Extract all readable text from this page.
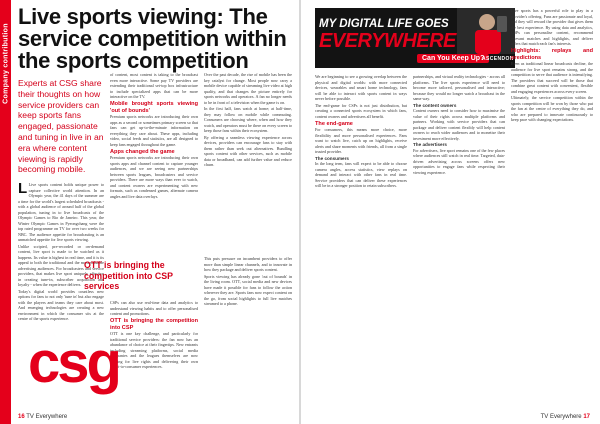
Company contribution
Live sports viewing: The service competition within the sports competition

Experts at CSG share their thoughts on how service providers can keep sports fans engaged, passionate and tuning in live in an era where content viewing is rapidly becoming mobile.

L Live sports content holds unique power to capture collective world attention. In an Olympic year, the 41 days of the summer are a time for the world's largest scheduled broadcasts - with a global audience of around half of the global population, tuning in to live broadcasts of the Olympic Games to Rio de Janeiro. This year, the Winter Olympic Games in Pyeongchang were the top rated programme on TV for over two weeks for NBC. The audience appetite for broadcasting is an unmatched appetite for live sports viewing.

Unlike scripted, pre-recorded or on-demand content, live sport is made to be watched as it happens. Its value is highest in real time, and it is its appeal to both the traditional and the most valuable advertising audiences. For broadcasters and service providers, that makes live sport uniquely effective in creating tune-in, subscriber acquisition and loyalty - when the experience delivers.

Today's digital world provides countless new options for fans to not only 'tune in' but also engage with the players and teams they care about most. And emerging technologies are creating a new environment in which the consumer sits at the centre of the sports experience.

of content, most content is taking to the broadcast even more interactive. Some pay TV providers are extending their traditional set-top box infrastructure to include specialized apps that can be more interactive on the TV.

Mobile brought sports viewing 'out of bounds'

Premium sports networks are introducing their own apps as a second or sometimes primary screen so that fans can get up-to-the-minute information on everything they care about. These apps, including video, social feeds and statistics, are all designed to keep fans engaged throughout the game.

Apps changed the game

Premium sports networks are introducing their own sports apps and channel content to capture younger audiences, and we are seeing new partnerships between sports leagues, broadcasters and service providers. There are more ways than ever to watch, and content owners are experimenting with new formats, such as condensed games, alternate camera angles and live data overlays.

Over the past decade, the rise of mobile has been the key catalyst for change. Most people now carry a mobile device capable of streaming live video at high quality, and that changes the picture entirely for sports networks and operators. A fan no longer needs to be in front of a television when the game is on.

In the first half, fans watch at home; at half-time, they may follow on mobile while commuting. Consumers are choosing where, when and how they watch, and operators must be there on every screen to keep those fans within their ecosystem.

By offering a seamless viewing experience across devices, providers can encourage fans to stay with them rather than seek out alternatives. Bundling sports content with other services, such as mobile data or broadband, can add further value and reduce churn.

OTT is bringing the competition into CSP services

CSPs can also use real-time data and analytics to understand viewing habits and to offer personalised content and promotions.

OTT is bringing the competition into CSP

OTT is one key challenge, and particularly for traditional service providers: the fan now has an abundance of choice at their fingertips. New entrants including streaming platforms, social media companies and the leagues themselves are now bidding for live rights and delivering their own direct-to-consumer experiences.

This puts pressure on incumbent providers to offer more than simple linear channels, and to innovate in how they package and deliver sports content.

Sports viewing has already gone 'out of bounds' in the living room. OTT, social media and new devices have made it possible for fans to follow the action wherever they are. Sports fans now expect content on the go, from social highlights to full live matches streamed to a phone.

csg
16 TV Everywhere
MY DIGITAL LIFE GOES
EVERYWHERE
Can You Keep Up?
ASCENDON

We are beginning to see a growing overlap between the physical and digital worlds: with more connected devices, wearables and smart home technology, fans will be able to interact with sports content in ways never before possible.

The end-game for CSPs is not just distribution, but creating a connected sports ecosystem in which fans, content owners and advertisers all benefit.

The end-game

For consumers, this means more choice, more flexibility and more personalised experiences. Fans want to watch live, catch up on highlights, receive alerts and share moments with friends, all from a single trusted provider.

The consumers

In the long term, fans will expect to be able to choose camera angles, access statistics, view replays on demand and interact with other fans in real time. Service providers that can deliver these experiences will be in a stronger position to retain subscribers.

partnerships, and virtual reality technologies - across all platforms. The live sports experience will need to become more tailored, personalised and interactive; because they would no longer watch a broadcast in the same way.

The content owners

Content owners need to consider how to maximise the value of their rights across multiple platforms and partners. Working with service providers that can package and deliver content flexibly will help content owners to reach wider audiences and to monetise their investment more effectively.

The advertisers

For advertisers, live sport remains one of the few places where audiences still watch in real time. Targeted, data-driven advertising across screens offers new opportunities to engage fans while respecting their viewing experience.

Live sports has a powerful role to play in a provider's offering. Fans are passionate and loyal, and they will reward the provider that gives them the best experience. By using data and analytics, CSPs can personalise content, recommend relevant matches and highlights, and deliver offers that match each fan's interests.

Highlights: replays and predictions

Even as traditional linear broadcasts decline, the audience for live sport remains strong, and the competition to serve that audience is intensifying. The providers that succeed will be those that combine great content with convenient, flexible and engaging experiences across every screen.

Ultimately, the service competition within the sports competition will be won by those who put the fan at the centre of everything they do, and who are prepared to innovate continuously to keep pace with changing expectations.

TV Everywhere 17
